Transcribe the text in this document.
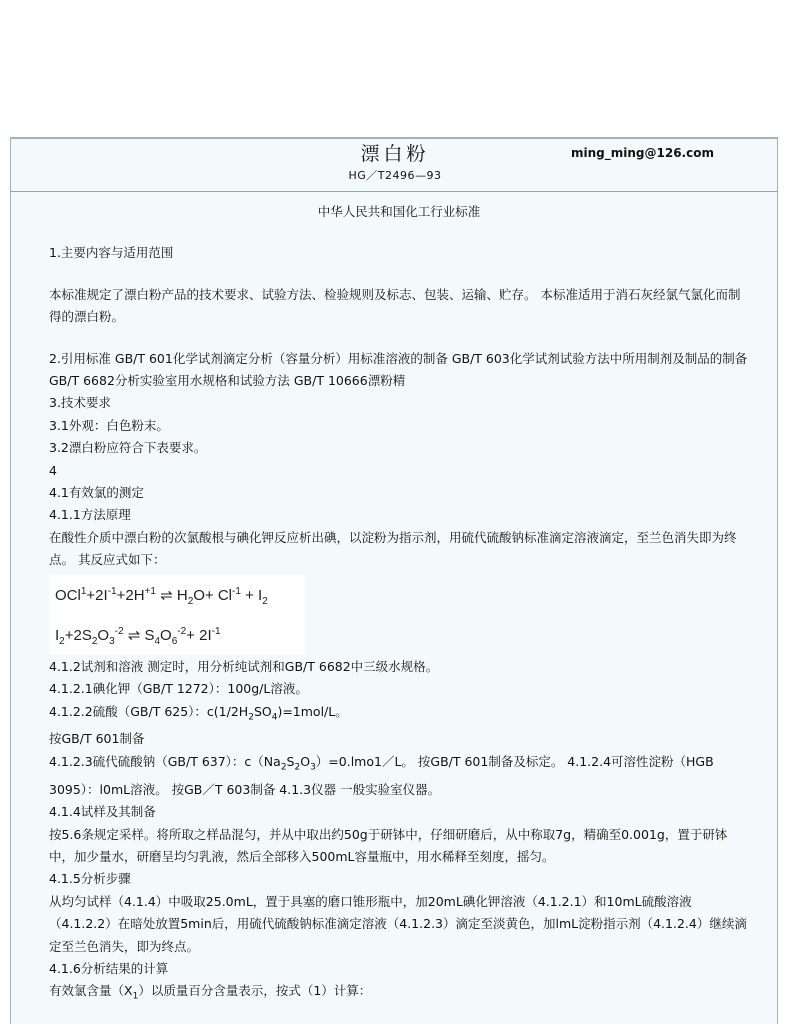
漂白粉	ming_ming@126.com
HG／T2496—93

中华人民共和国化工行业标准

1.主要内容与适用范围

本标准规定了漂白粉产品的技术要求、试验方法、检验规则及标志、包装、运输、贮存。 本标准适用于消石灰经氯气氯化而制得的漂白粉。

2.引用标准 GB/T 601化学试剂滴定分析（容量分析）用标准溶液的制备 GB/T 603化学试剂试验方法中所用制剂及制品的制备 GB/T 6682分析实验室用水规格和试验方法 GB/T 10666漂粉精

3.技术要求

3.1外观：白色粉末。

3.2漂白粉应符合下表要求。

4

4.1有效氯的测定

4.1.1方法原理

在酸性介质中漂白粉的次氯酸根与碘化钾反应析出碘，以淀粉为指示剂，用硫代硫酸钠标准滴定溶液滴定，至兰色消失即为终点。 其反应式如下：

$OCl^1+2I^{-1}+2H^{+1}$ ⇌ $H_2O+ Cl^{-1} + I_2$
$I_2+2S_2O_3^{-2}$ ⇌ $S_4O_6^{-2}+ 2I^{-1}$

4.1.2试剂和溶液 测定时，用分析纯试剂和GB/T 6682中三级水规格。

4.1.2.1碘化钾（GB/T 1272）：100g/L溶液。

4.1.2.2硫酸（GB/T 625）：$c(1/2H_2SO_4)=1mol/L$。

按GB/T 601制备

4.1.2.3硫代硫酸钠（GB/T 637）：$c(Na_2S_2O_3)=0.lmo1/L$。 按GB/T 601制备及标定。 4.1.2.4可溶性淀粉（HGB 3095）：l0mL溶液。 按GB／T 603制备 4.1.3仪器 一般实验室仪器。

4.1.4试样及其制备

按5.6条规定采样。将所取之样品混匀，并从中取出约50g于研钵中，仔细研磨后，从中称取7g，精确至0.001g，置于研钵中，加少量水，研磨呈均匀乳液，然后全部移入500mL容量瓶中，用水稀释至刻度，摇匀。

4.1.5分析步骤

从均匀试样（4.1.4）中吸取25.0mL，置于具塞的磨口锥形瓶中，加20mL碘化钾溶液（4.1.2.1）和10mL硫酸溶液（4.1.2.2）在暗处放置5min后，用硫代硫酸钠标准滴定溶液（4.1.2.3）滴定至淡黄色，加lmL淀粉指示剂（4.1.2.4）继续滴定至兰色消失，即为终点。

4.1.6分析结果的计算

有效氯含量$(X_1)$以质量百分含量表示，按式（1）计算：
